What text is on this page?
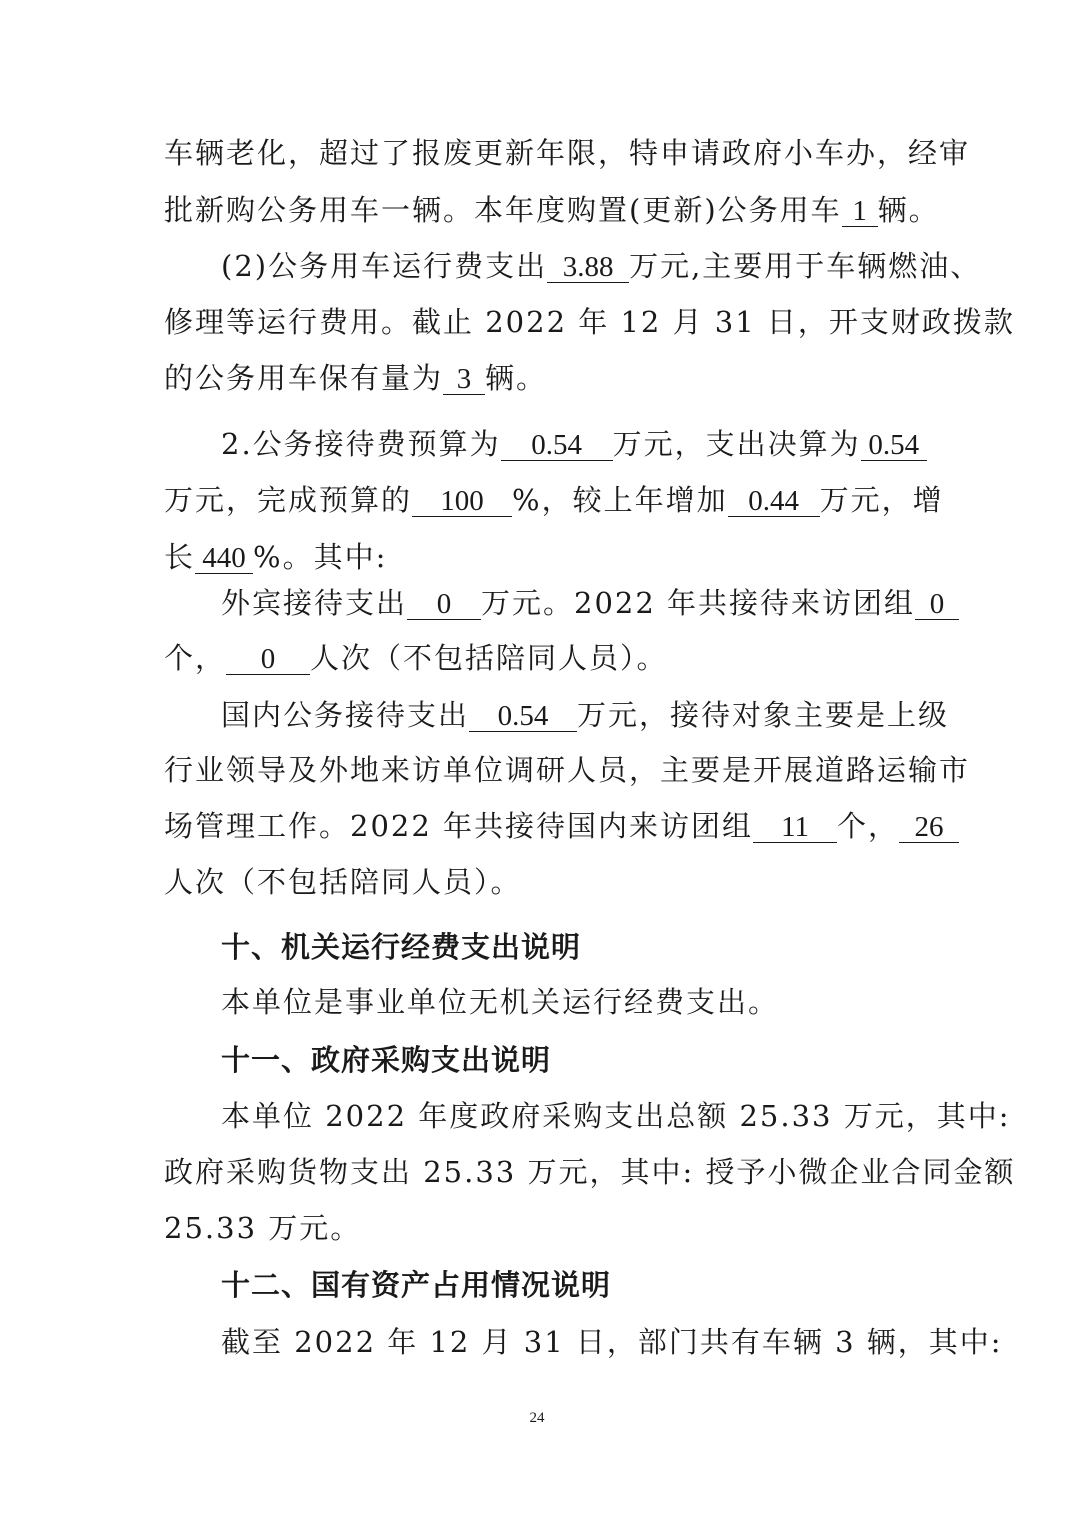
车辆老化，超过了报废更新年限，特申请政府小车办，经审
批新购公务用车一辆。本年度购置(更新)公务用车 1 辆。
(2)公务用车运行费支出 3.88 万元,主要用于车辆燃油、
修理等运行费用。截止 2022 年 12 月 31 日，开支财政拨款
的公务用车保有量为 3 辆。
2.公务接待费预算为 0.54 万元，支出决算为 0.54
万元，完成预算的 100 %，较上年增加 0.44 万元，增
长 440 %。其中:
外宾接待支出 0 万元。2022 年共接待来访团组 0
个， 0 人次（不包括陪同人员）。
国内公务接待支出 0.54 万元，接待对象主要是上级
行业领导及外地来访单位调研人员，主要是开展道路运输市
场管理工作。2022 年共接待国内来访团组 11 个， 26
人次（不包括陪同人员）。
十、机关运行经费支出说明
本单位是事业单位无机关运行经费支出。
十一、政府采购支出说明
本单位 2022 年度政府采购支出总额 25.33 万元，其中:
政府采购货物支出 25.33 万元，其中: 授予小微企业合同金额
25.33 万元。
十二、国有资产占用情况说明
截至 2022 年 12 月 31 日，部门共有车辆 3 辆，其中:
24
